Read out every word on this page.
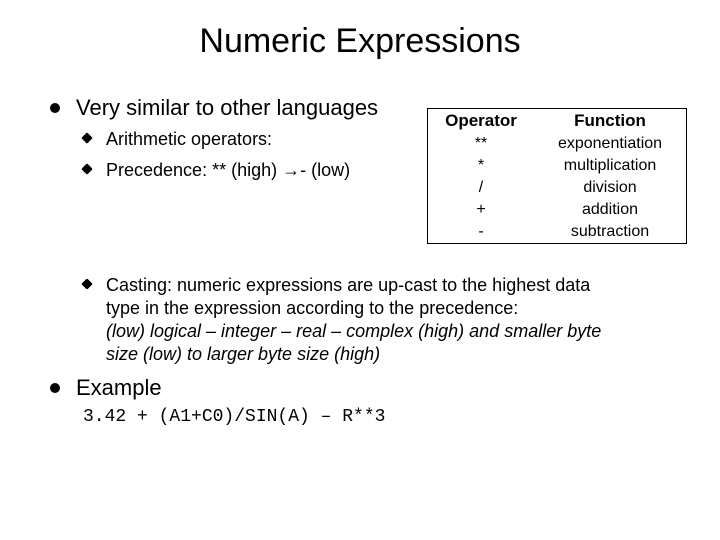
Numeric Expressions
Very similar to other languages
Arithmetic operators:
Precedence: ** (high) →- (low)
Operator
**
*
/
+
-
Function
exponentiation
multiplication
division
addition
subtraction
Casting: numeric expressions are up-cast to the highest data
type in the expression according to the precedence:
(low) logical – integer – real – complex (high) and smaller byte
size (low) to larger byte size (high)
Example
3.42 + (A1+C0)/SIN(A) – R**3
